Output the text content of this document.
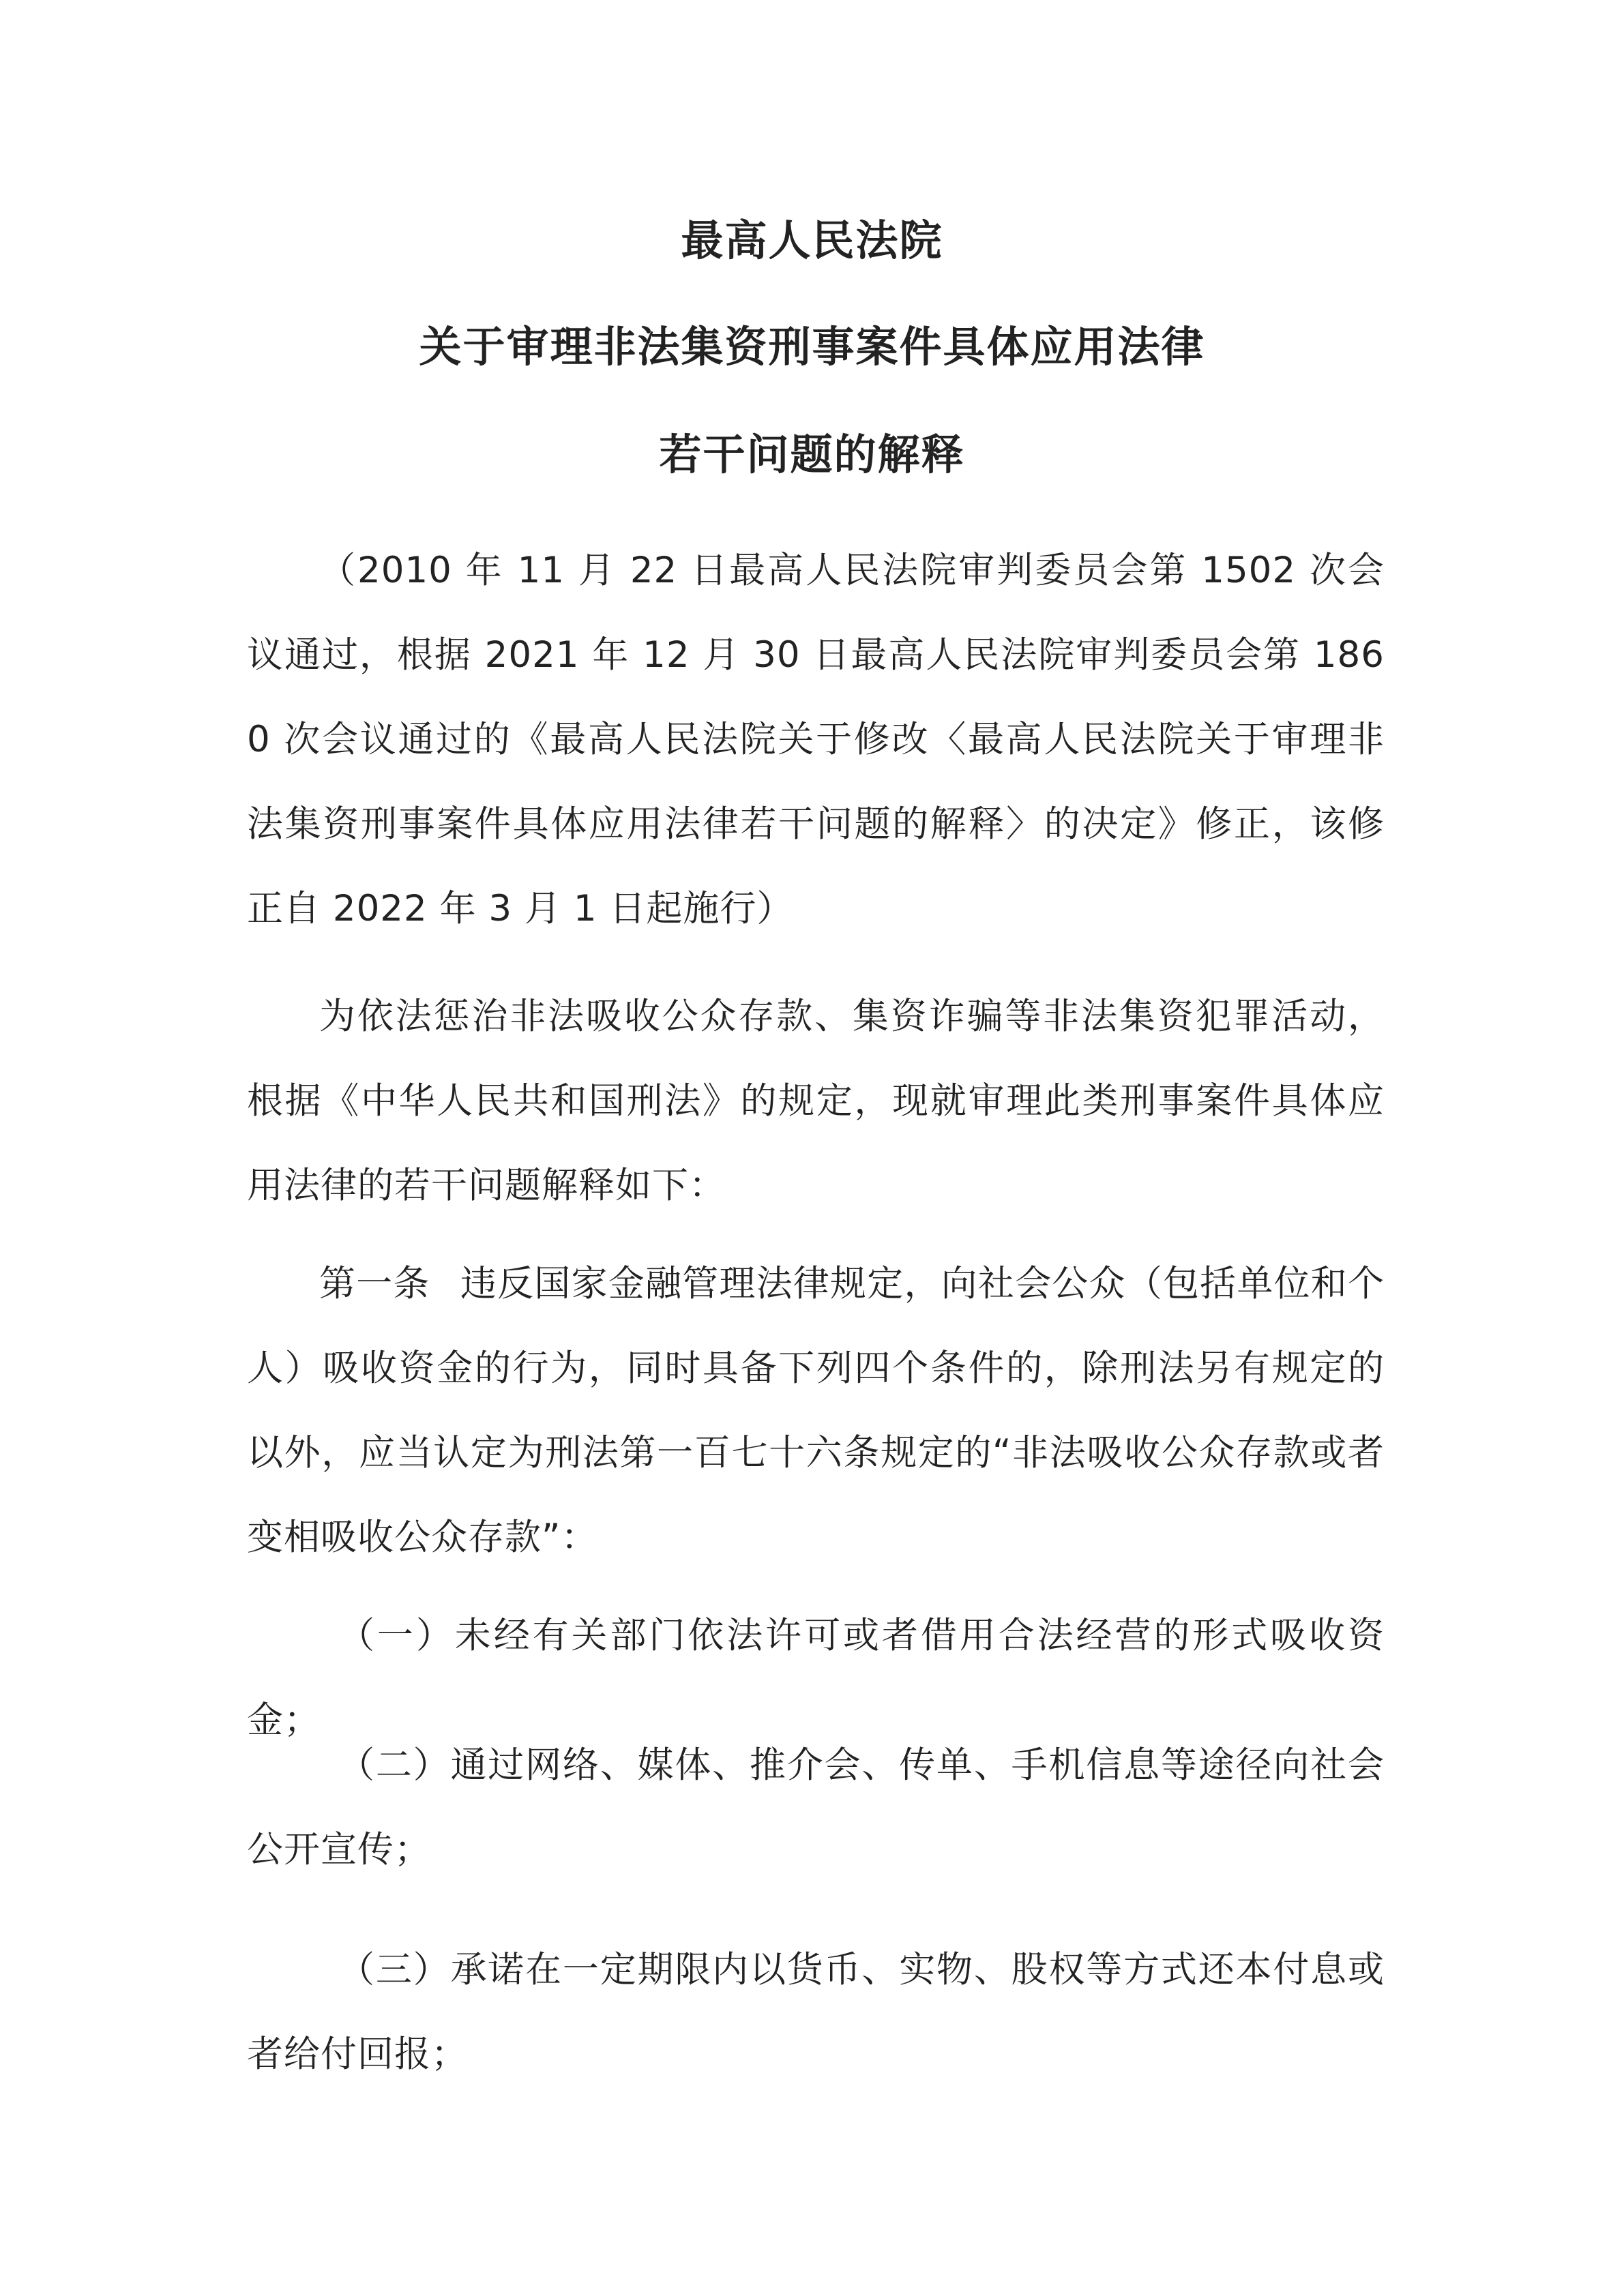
最高人民法院
关于审理非法集资刑事案件具体应用法律
若干问题的解释

（2010 年 11 月 22 日最高人民法院审判委员会第 1502 次会议通过，根据 2021 年 12 月 30 日最高人民法院审判委员会第 1860 次会议通过的《最高人民法院关于修改〈最高人民法院关于审理非法集资刑事案件具体应用法律若干问题的解释〉的决定》修正，该修正自 2022 年 3 月 1 日起施行）

为依法惩治非法吸收公众存款、集资诈骗等非法集资犯罪活动，根据《中华人民共和国刑法》的规定，现就审理此类刑事案件具体应用法律的若干问题解释如下：

第一条 违反国家金融管理法律规定，向社会公众（包括单位和个人）吸收资金的行为，同时具备下列四个条件的，除刑法另有规定的以外，应当认定为刑法第一百七十六条规定的“非法吸收公众存款或者变相吸收公众存款”：

（一）未经有关部门依法许可或者借用合法经营的形式吸收资金；

（二）通过网络、媒体、推介会、传单、手机信息等途径向社会公开宣传；

（三）承诺在一定期限内以货币、实物、股权等方式还本付息或者给付回报；
